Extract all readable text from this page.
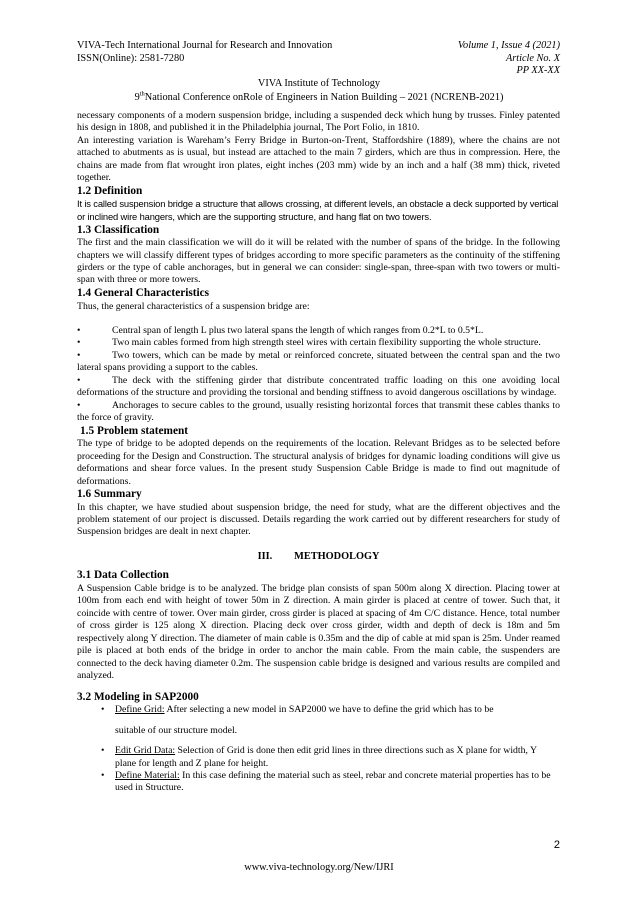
VIVA-Tech International Journal for Research and Innovation
ISSN(Online): 2581-7280
Volume 1, Issue 4 (2021)
Article No. X
PP XX-XX
VIVA Institute of Technology
9thNational Conference onRole of Engineers in Nation Building – 2021 (NCRENB-2021)

necessary components of a modern suspension bridge, including a suspended deck which hung by trusses. Finley patented his design in 1808, and published it in the Philadelphia journal, The Port Folio, in 1810.

An interesting variation is Wareham’s Ferry Bridge in Burton-on-Trent, Staffordshire (1889), where the chains are not attached to abutments as is usual, but instead are attached to the main 7 girders, which are thus in compression. Here, the chains are made from flat wrought iron plates, eight inches (203 mm) wide by an inch and a half (38 mm) thick, riveted together.

1.2 Definition

It is called suspension bridge a structure that allows crossing, at different levels, an obstacle a deck supported by vertical or inclined wire hangers, which are the supporting structure, and hang flat on two towers.

1.3 Classification

The first and the main classification we will do it will be related with the number of spans of the bridge. In the following chapters we will classify different types of bridges according to more specific parameters as the continuity of the stiffening girders or the type of cable anchorages, but in general we can consider: single-span, three-span with two towers or multi-span with three or more towers.

1.4 General Characteristics

Thus, the general characteristics of a suspension bridge are:

•	Central span of length L plus two lateral spans the length of which ranges from 0.2*L to 0.5*L.

•	Two main cables formed from high strength steel wires with certain flexibility supporting the whole structure.

•	Two towers, which can be made by metal or reinforced concrete, situated between the central span and the two lateral spans providing a support to the cables.

•	The deck with the stiffening girder that distribute concentrated traffic loading on this one avoiding local deformations of the structure and providing the torsional and bending stiffness to avoid dangerous oscillations by windage.

•	Anchorages to secure cables to the ground, usually resisting horizontal forces that transmit these cables thanks to the force of gravity.

1.5 Problem statement

The type of bridge to be adopted depends on the requirements of the location. Relevant Bridges as to be selected before proceeding for the Design and Construction. The structural analysis of bridges for dynamic loading conditions will give us deformations and shear force values. In the present study Suspension Cable Bridge is made to find out magnitude of deformations.

1.6 Summary

In this chapter, we have studied about suspension bridge, the need for study, what are the different objectives and the problem statement of our project is discussed. Details regarding the work carried out by different researchers for study of Suspension bridges are dealt in next chapter.

III. METHODOLOGY

3.1 Data Collection

A Suspension Cable bridge is to be analyzed. The bridge plan consists of span 500m along X direction. Placing tower at 100m from each end with height of tower 50m in Z direction. A main girder is placed at centre of tower. Such that, it coincide with centre of tower. Over main girder, cross girder is placed at spacing of 4m C/C distance. Hence, total number of cross girder is 125 along X direction. Placing deck over cross girder, width and depth of deck is 18m and 5m respectively along Y direction. The diameter of main cable is 0.35m and the dip of cable at mid span is 25m. Under reamed pile is placed at both ends of the bridge in order to anchor the main cable. From the main cable, the suspenders are connected to the deck having diameter 0.2m. The suspension cable bridge is designed and various results are compiled and analyzed.

3.2 Modeling in SAP2000

• Define Grid: After selecting a new model in SAP2000 we have to define the grid which has to be
suitable of our structure model.
• Edit Grid Data: Selection of Grid is done then edit grid lines in three directions such as X plane for width, Y plane for length and Z plane for height.
• Define Material: In this case defining the material such as steel, rebar and concrete material properties has to be used in Structure.
2
www.viva-technology.org/New/IJRI
